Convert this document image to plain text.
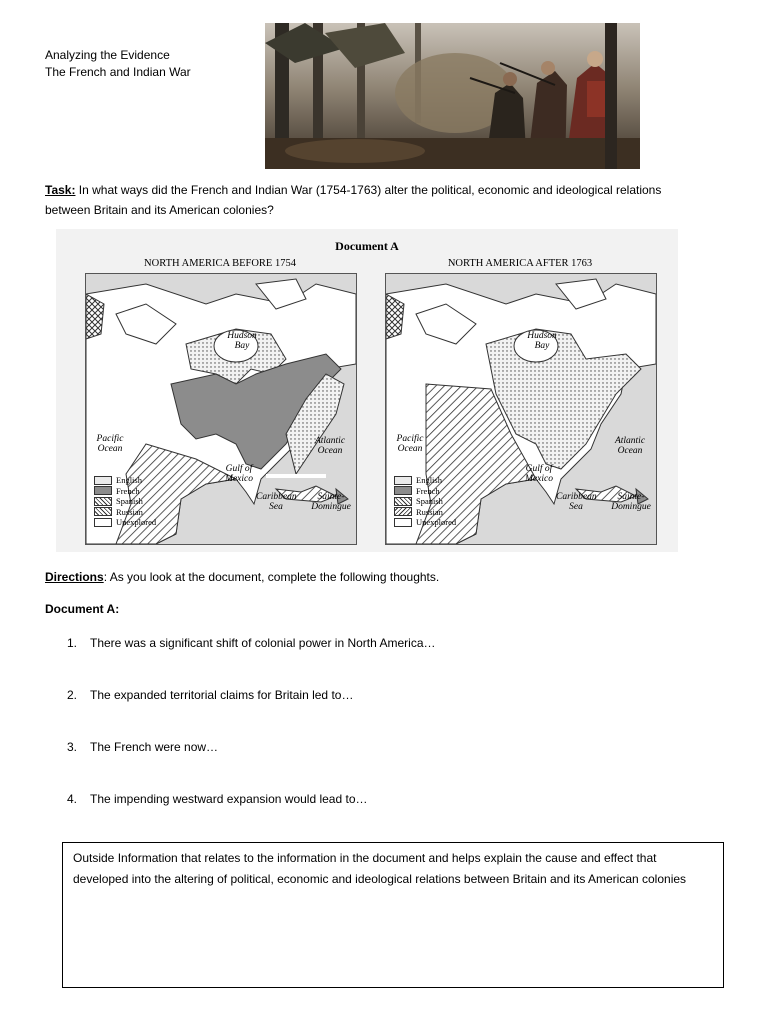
Analyzing the Evidence
The French and Indian War
Task: In what ways did the French and Indian War (1754-1763) alter the political, economic and ideological relations between Britain and its American colonies?
Document A
NORTH AMERICA BEFORE 1754
Hudson Bay
Pacific Ocean
Atlantic Ocean
Gulf of Mexico
Caribbean Sea
Sainte-Domingue
English
French
Spanish
Russian
Unexplored
NORTH AMERICA AFTER 1763
Hudson Bay
Pacific Ocean
Atlantic Ocean
Gulf of Mexico
Caribbean Sea
Sainte-Domingue
English
French
Spanish
Russian
Unexplored
Directions: As you look at the document, complete the following thoughts.
Document A:
1. There was a significant shift of colonial power in North America…
2. The expanded territorial claims for Britain led to…
3. The French were now…
4. The impending westward expansion would lead to…
Outside Information that relates to the information in the document and helps explain the cause and effect that developed into the altering of political, economic and ideological relations between Britain and its American colonies
